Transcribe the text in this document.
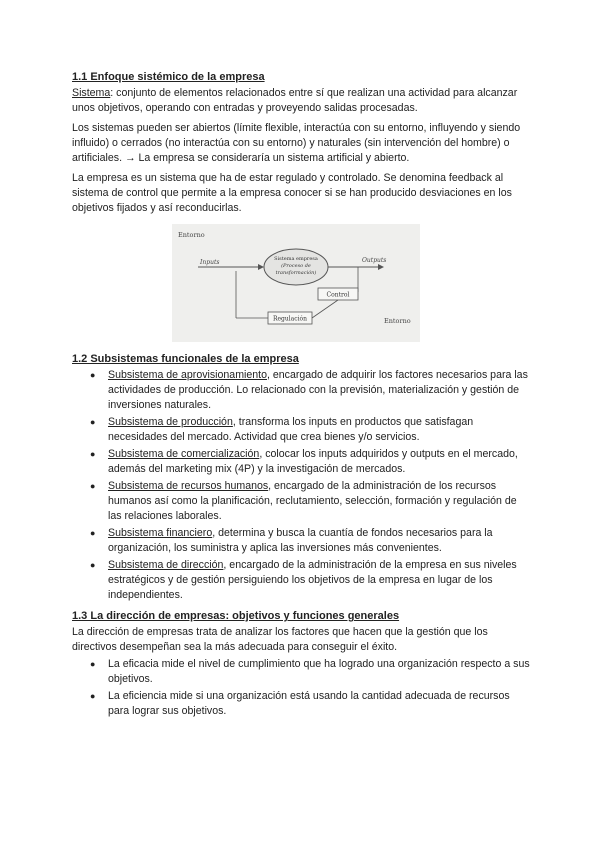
1.1 Enfoque sistémico de la empresa

Sistema: conjunto de elementos relacionados entre sí que realizan una actividad para alcanzar unos objetivos, operando con entradas y proveyendo salidas procesadas.

Los sistemas pueden ser abiertos (límite flexible, interactúa con su entorno, influyendo y siendo influido) o cerrados (no interactúa con su entorno) y naturales (sin intervención del hombre) o artificiales. → La empresa se consideraría un sistema artificial y abierto.

La empresa es un sistema que ha de estar regulado y controlado. Se denomina feedback al sistema de control que permite a la empresa conocer si se han producido desviaciones en los objetivos fijados y así reconducirlas.

Entorno
Inputs	Sistema empresa
(Proceso de
transformación)
Outputs
Control
Regulación	Entorno
1.2 Subsistemas funcionales de la empresa
● Subsistema de aprovisionamiento, encargado de adquirir los factores necesarios para las actividades de producción. Lo relacionado con la previsión, materialización y gestión de inversiones naturales.
● Subsistema de producción, transforma los inputs en productos que satisfagan necesidades del mercado. Actividad que crea bienes y/o servicios.
● Subsistema de comercialización, colocar los inputs adquiridos y outputs en el mercado, además del marketing mix (4P) y la investigación de mercados.
● Subsistema de recursos humanos, encargado de la administración de los recursos humanos así como la planificación, reclutamiento, selección, formación y regulación de las relaciones laborales.
● Subsistema financiero, determina y busca la cuantía de fondos necesarios para la organización, los suministra y aplica las inversiones más convenientes.
● Subsistema de dirección, encargado de la administración de la empresa en sus niveles estratégicos y de gestión persiguiendo los objetivos de la empresa en lugar de los independientes.
1.3 La dirección de empresas: objetivos y funciones generales

La dirección de empresas trata de analizar los factores que hacen que la gestión que los directivos desempeñan sea la más adecuada para conseguir el éxito.

● La eficacia mide el nivel de cumplimiento que ha logrado una organización respecto a sus objetivos.
● La eficiencia mide si una organización está usando la cantidad adecuada de recursos para lograr sus objetivos.
